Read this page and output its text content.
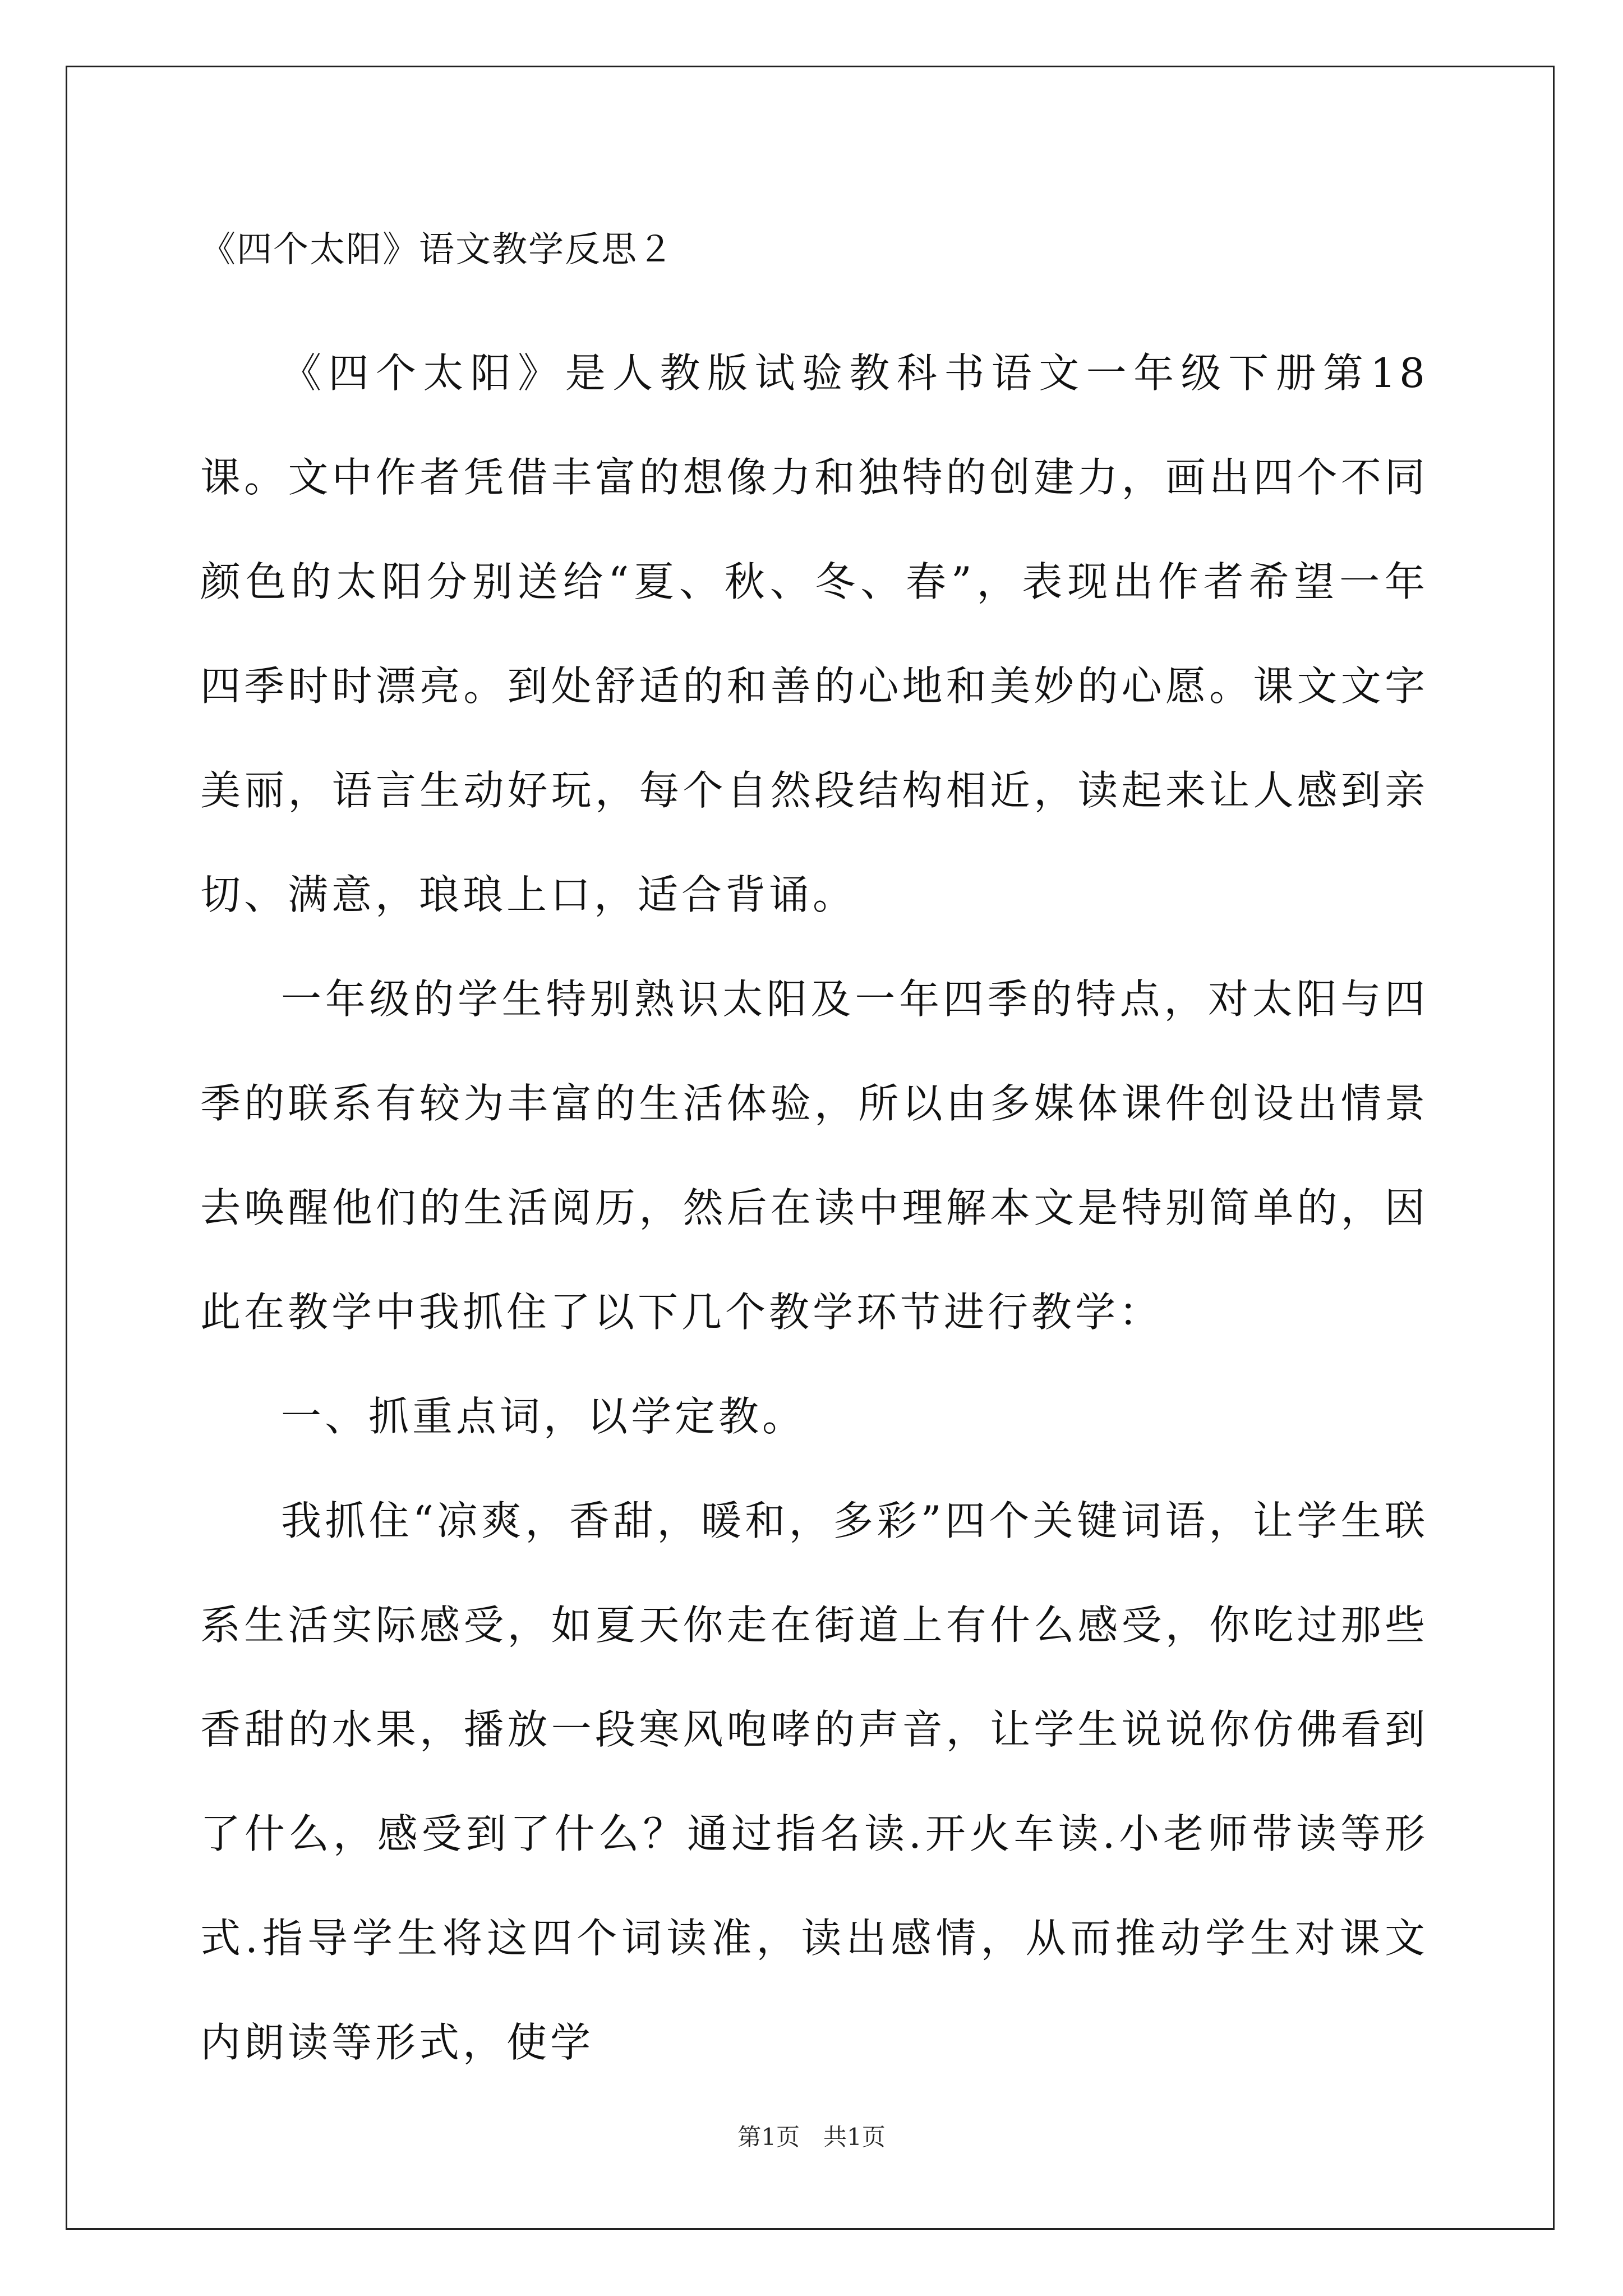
《四个太阳》语文教学反思２

《四个太阳》是人教版试验教科书语文一年级下册第18课。文中作者凭借丰富的想像力和独特的创建力，画出四个不同颜色的太阳分别送给“夏、秋、冬、春”，表现出作者希望一年四季时时漂亮。到处舒适的和善的心地和美妙的心愿。课文文字美丽，语言生动好玩，每个自然段结构相近，读起来让人感到亲切、满意，琅琅上口，适合背诵。

一年级的学生特别熟识太阳及一年四季的特点，对太阳与四季的联系有较为丰富的生活体验，所以由多媒体课件创设出情景去唤醒他们的生活阅历，然后在读中理解本文是特别简单的，因此在教学中我抓住了以下几个教学环节进行教学：

一、抓重点词，以学定教。

我抓住“凉爽，香甜，暖和，多彩”四个关键词语，让学生联系生活实际感受，如夏天你走在街道上有什么感受，你吃过那些香甜的水果，播放一段寒风咆哮的声音，让学生说说你仿佛看到了什么，感受到了什么？通过指名读.开火车读.小老师带读等形式.指导学生将这四个词读准，读出感情，从而推动学生对课文内朗读等形式，使学

第1页　共1页
